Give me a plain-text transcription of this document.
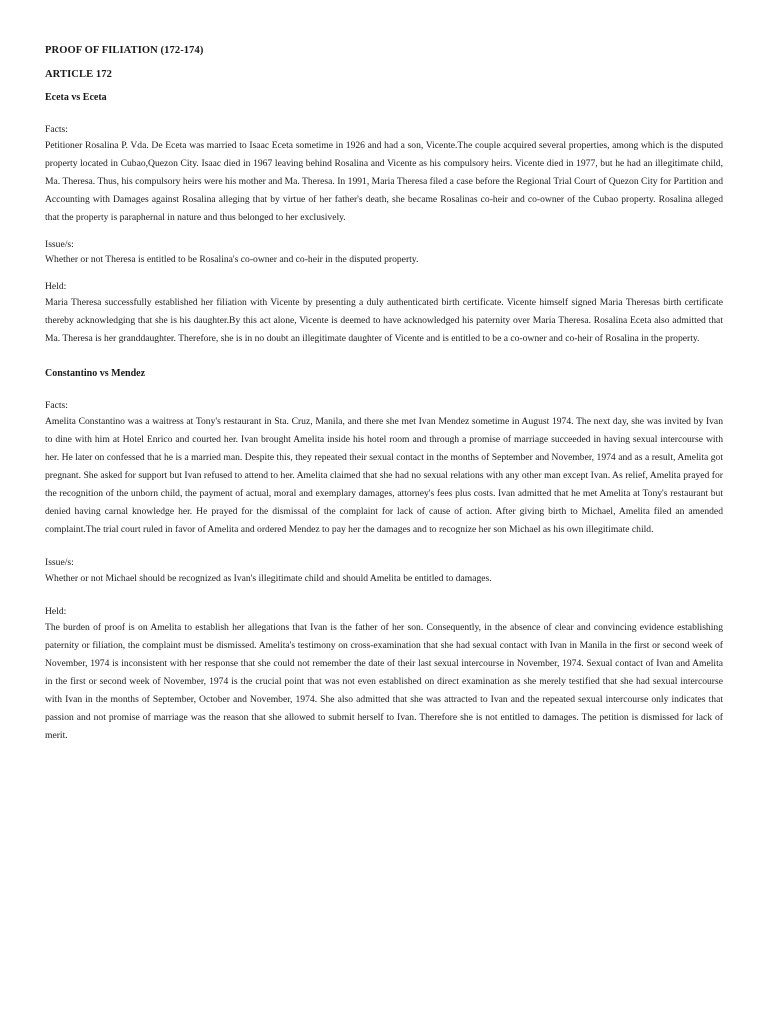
PROOF OF FILIATION (172-174)
ARTICLE 172
Eceta vs Eceta
Facts:
Petitioner Rosalina P. Vda. De Eceta was married to Isaac Eceta sometime in 1926 and had a son, Vicente.The couple acquired several properties, among which is the disputed property located in Cubao,Quezon City. Isaac died in 1967 leaving behind Rosalina and Vicente as his compulsory heirs. Vicente died in 1977, but he had an illegitimate child, Ma. Theresa. Thus, his compulsory heirs were his mother and Ma. Theresa. In 1991, Maria Theresa filed a case before the Regional Trial Court of Quezon City for Partition and Accounting with Damages against Rosalina alleging that by virtue of her father's death, she became Rosalinas co-heir and co-owner of the Cubao property. Rosalina alleged that the property is paraphernal in nature and thus belonged to her exclusively.
Issue/s:
Whether or not Theresa is entitled to be Rosalina's co-owner and co-heir in the disputed property.
Held:
Maria Theresa successfully established her filiation with Vicente by presenting a duly authenticated birth certificate. Vicente himself signed Maria Theresas birth certificate thereby acknowledging that she is his daughter.By this act alone, Vicente is deemed to have acknowledged his paternity over Maria Theresa. Rosalina Eceta also admitted that Ma. Theresa is her granddaughter. Therefore, she is in no doubt an illegitimate daughter of Vicente and is entitled to be a co-owner and co-heir of Rosalina in the property.
Constantino vs Mendez
Facts:
Amelita Constantino was a waitress at Tony's restaurant in Sta. Cruz, Manila, and there she met Ivan Mendez sometime in August 1974. The next day, she was invited by Ivan to dine with him at Hotel Enrico and courted her. Ivan brought Amelita inside his hotel room and through a promise of marriage succeeded in having sexual intercourse with her. He later on confessed that he is a married man. Despite this, they repeated their sexual contact in the months of September and November, 1974 and as a result, Amelita got pregnant. She asked for support but Ivan refused to attend to her. Amelita claimed that she had no sexual relations with any other man except Ivan. As relief, Amelita prayed for the recognition of the unborn child, the payment of actual, moral and exemplary damages, attorney's fees plus costs. Ivan admitted that he met Amelita at Tony's restaurant but denied having carnal knowledge her. He prayed for the dismissal of the complaint for lack of cause of action. After giving birth to Michael, Amelita filed an amended complaint.The trial court ruled in favor of Amelita and ordered Mendez to pay her the damages and to recognize her son Michael as his own illegitimate child.
Issue/s:
Whether or not Michael should be recognized as Ivan's illegitimate child and should Amelita be entitled to damages.
Held:
The burden of proof is on Amelita to establish her allegations that Ivan is the father of her son. Consequently, in the absence of clear and convincing evidence establishing paternity or filiation, the complaint must be dismissed. Amelita's testimony on cross-examination that she had sexual contact with Ivan in Manila in the first or second week of November, 1974 is inconsistent with her response that she could not remember the date of their last sexual intercourse in November, 1974. Sexual contact of Ivan and Amelita in the first or second week of November, 1974 is the crucial point that was not even established on direct examination as she merely testified that she had sexual intercourse with Ivan in the months of September, October and November, 1974. She also admitted that she was attracted to Ivan and the repeated sexual intercourse only indicates that passion and not promise of marriage was the reason that she allowed to submit herself to Ivan. Therefore she is not entitled to damages. The petition is dismissed for lack of merit.
